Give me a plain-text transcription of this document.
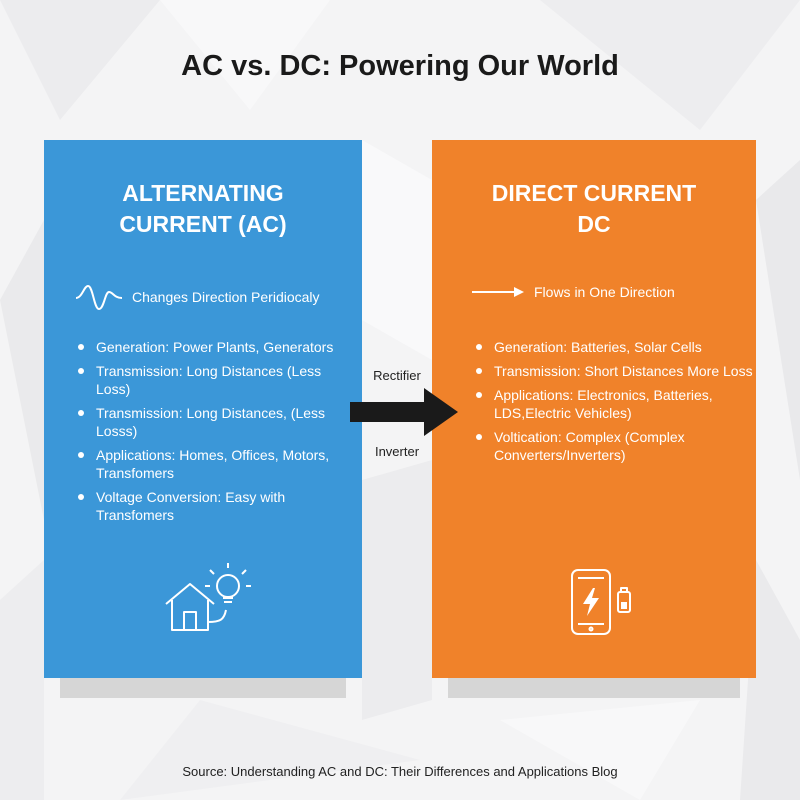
AC vs. DC: Powering Our World
ALTERNATING
CURRENT (AC)
Changes Direction Peridiocaly
Generation: Power Plants, Generators
Transmission: Long Distances (Less Loss)
Transmission: Long Distances, (Less Losss)
Applications: Homes, Offices, Motors, Transfomers
Voltage Conversion: Easy with Transfomers
DIRECT CURRENT
DC
Flows in One Direction
Generation: Batteries, Solar Cells
Transmission: Short Distances More Loss
Applications: Electronics, Batteries, LDS,Electric Vehicles)
Voltication: Complex (Complex Converters/Inverters)
Rectifier
Inverter
Source: Understanding AC and DC: Their Differences and Applications Blog
